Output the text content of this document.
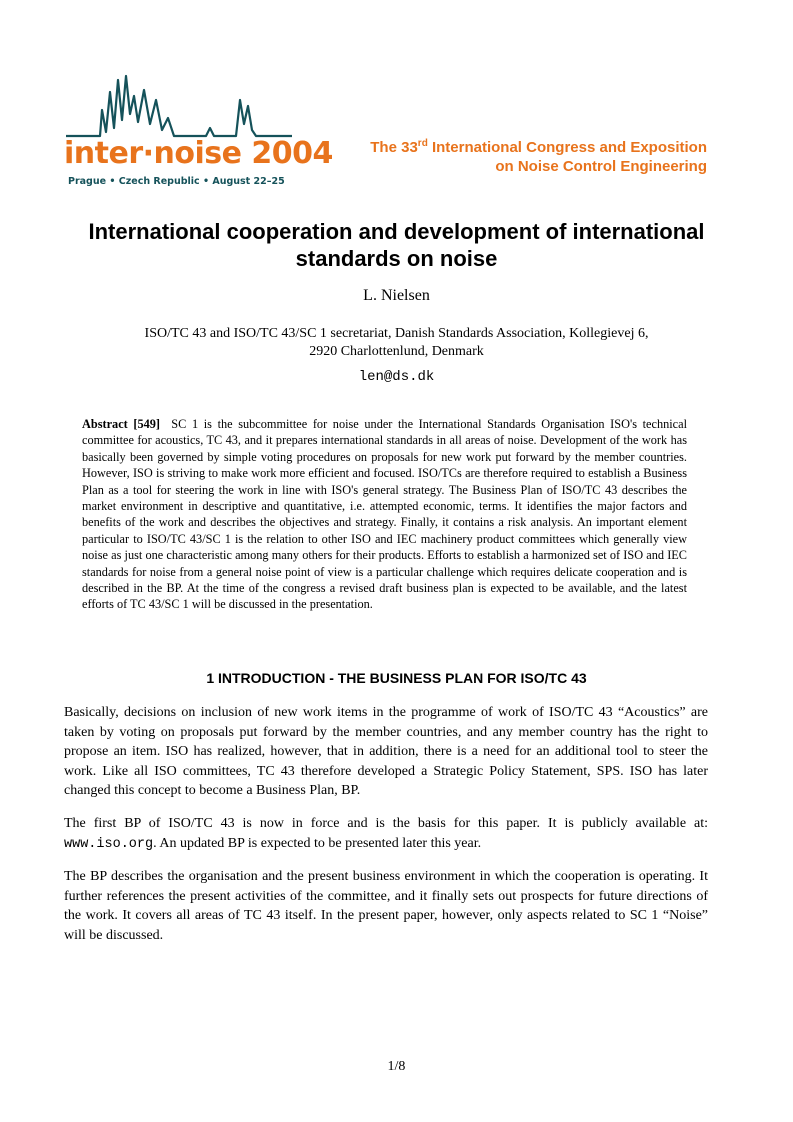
inter·noise 2004
Prague • Czech Republic • August 22–25
The 33rd International Congress and Exposition
on Noise Control Engineering
International cooperation and development of international standards on noise
L. Nielsen
ISO/TC 43 and ISO/TC 43/SC 1 secretariat, Danish Standards Association, Kollegievej 6,
2920 Charlottenlund, Denmark
len@ds.dk
Abstract [549] SC 1 is the subcommittee for noise under the International Standards Organisation ISO's technical committee for acoustics, TC 43, and it prepares international standards in all areas of noise. Development of the work has basically been governed by simple voting procedures on proposals for new work put forward by the member countries. However, ISO is striving to make work more efficient and focused. ISO/TCs are therefore required to establish a Business Plan as a tool for steering the work in line with ISO's general strategy. The Business Plan of ISO/TC 43 describes the market environment in descriptive and quantitative, i.e. attempted economic, terms. It identifies the major factors and benefits of the work and describes the objectives and strategy. Finally, it contains a risk analysis. An important element particular to ISO/TC 43/SC 1 is the relation to other ISO and IEC machinery product committees which generally view noise as just one characteristic among many others for their products. Efforts to establish a harmonized set of ISO and IEC standards for noise from a general noise point of view is a particular challenge which requires delicate cooperation and is described in the BP. At the time of the congress a revised draft business plan is expected to be available, and the latest efforts of TC 43/SC 1 will be discussed in the presentation.
1 INTRODUCTION - THE BUSINESS PLAN FOR ISO/TC 43

Basically, decisions on inclusion of new work items in the programme of work of ISO/TC 43 “Acoustics” are taken by voting on proposals put forward by the member countries, and any member country has the right to propose an item. ISO has realized, however, that in addition, there is a need for an additional tool to steer the work. Like all ISO committees, TC 43 therefore developed a Strategic Policy Statement, SPS. ISO has later changed this concept to become a Business Plan, BP.

The first BP of ISO/TC 43 is now in force and is the basis for this paper. It is publicly available at: www.iso.org. An updated BP is expected to be presented later this year.

The BP describes the organisation and the present business environment in which the cooperation is operating. It further references the present activities of the committee, and it finally sets out prospects for future directions of the work. It covers all areas of TC 43 itself. In the present paper, however, only aspects related to SC 1 “Noise” will be discussed.

1/8
